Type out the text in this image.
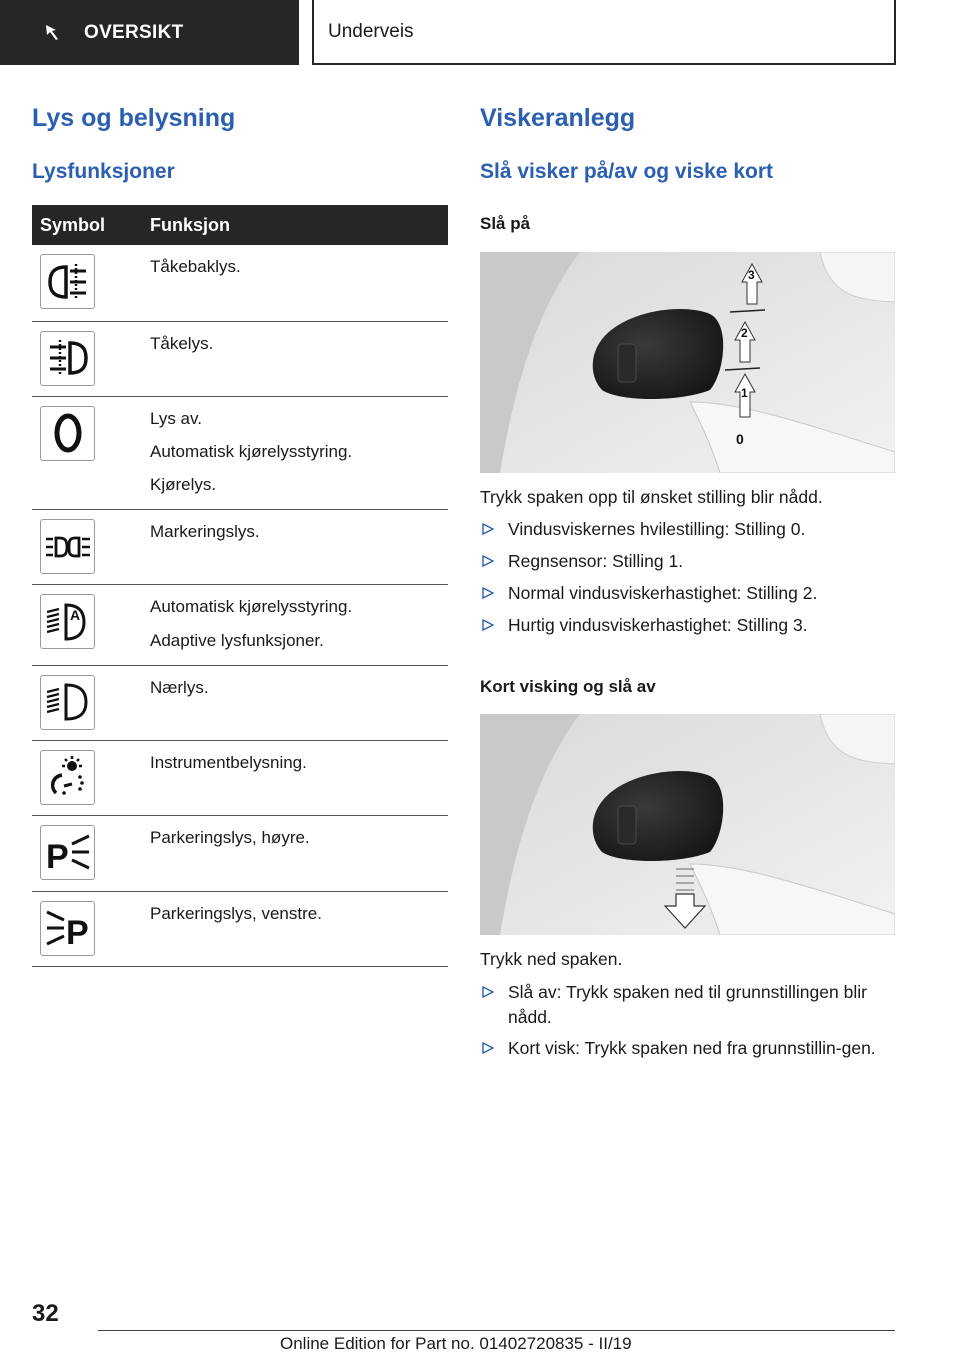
OVERSIKT	Underveis
Lys og belysning
Lysfunksjoner
Symbol	Funksjon

Tåkebaklys.

Tåkelys.

Lys av.
Automatisk kjørelysstyring.
Kjørelys.

Markeringslys.

A	Automatisk kjørelysstyring.
Adaptive lysfunksjoner.

Nærlys.

Instrumentbelysning.

P	Parkeringslys, høyre.

P	Parkeringslys, venstre.
Viskeranlegg
Slå visker på/av og viske kort
Slå på
3
2
1
0
Trykk spaken opp til ønsket stilling blir nådd.
Vindusviskernes hvilestilling: Stilling 0.
Regnsensor: Stilling 1.
Normal vindusviskerhastighet: Stilling 2.
Hurtig vindusviskerhastighet: Stilling 3.
Kort visking og slå av
Trykk ned spaken.
Slå av: Trykk spaken ned til grunnstillingen blir nådd.
Kort visk: Trykk spaken ned fra grunnstillin-gen.
32
Online Edition for Part no. 01402720835 - II/19
